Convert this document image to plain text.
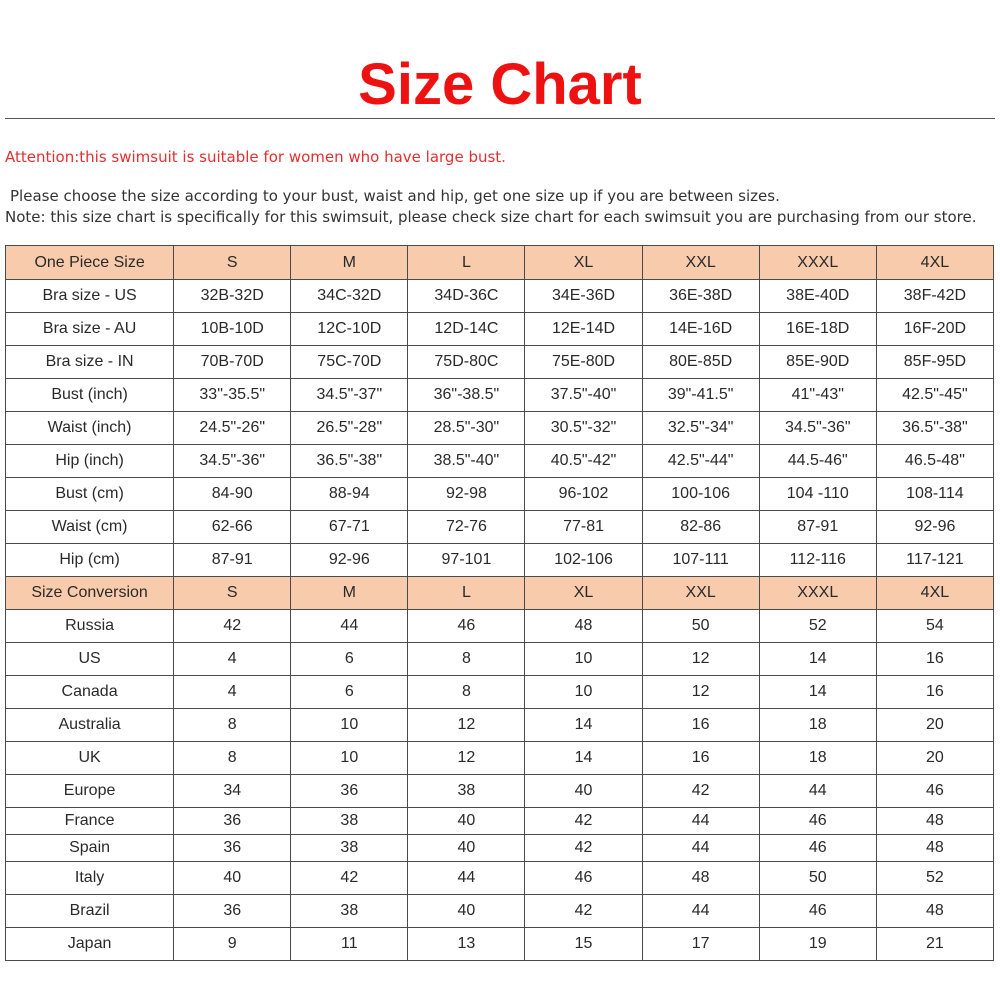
Size Chart
Attention:this swimsuit is suitable for women who have large bust.
Please choose the size according to your bust, waist and hip, get one size up if you are between sizes.
Note: this size chart is specifically for this swimsuit, please check size chart for each swimsuit you are purchasing from our store.
One Piece Size	S	M	L	XL	XXL	XXXL	4XL
Bra size - US	32B-32D	34C-32D	34D-36C	34E-36D	36E-38D	38E-40D	38F-42D
Bra size - AU	10B-10D	12C-10D	12D-14C	12E-14D	14E-16D	16E-18D	16F-20D
Bra size - IN	70B-70D	75C-70D	75D-80C	75E-80D	80E-85D	85E-90D	85F-95D
Bust (inch)	33"-35.5"	34.5"-37"	36"-38.5"	37.5"-40"	39"-41.5"	41"-43"	42.5"-45"
Waist (inch)	24.5"-26"	26.5"-28"	28.5"-30"	30.5"-32"	32.5"-34"	34.5"-36"	36.5"-38"
Hip (inch)	34.5"-36"	36.5"-38"	38.5"-40"	40.5"-42"	42.5"-44"	44.5-46"	46.5-48"
Bust (cm)	84-90	88-94	92-98	96-102	100-106	104 -110	108-114
Waist (cm)	62-66	67-71	72-76	77-81	82-86	87-91	92-96
Hip (cm)	87-91	92-96	97-101	102-106	107-111	112-116	117-121
Size Conversion	S	M	L	XL	XXL	XXXL	4XL
Russia	42	44	46	48	50	52	54
US	4	6	8	10	12	14	16
Canada	4	6	8	10	12	14	16
Australia	8	10	12	14	16	18	20
UK	8	10	12	14	16	18	20
Europe	34	36	38	40	42	44	46
France	36	38	40	42	44	46	48
Spain	36	38	40	42	44	46	48
Italy	40	42	44	46	48	50	52
Brazil	36	38	40	42	44	46	48
Japan	9	11	13	15	17	19	21
